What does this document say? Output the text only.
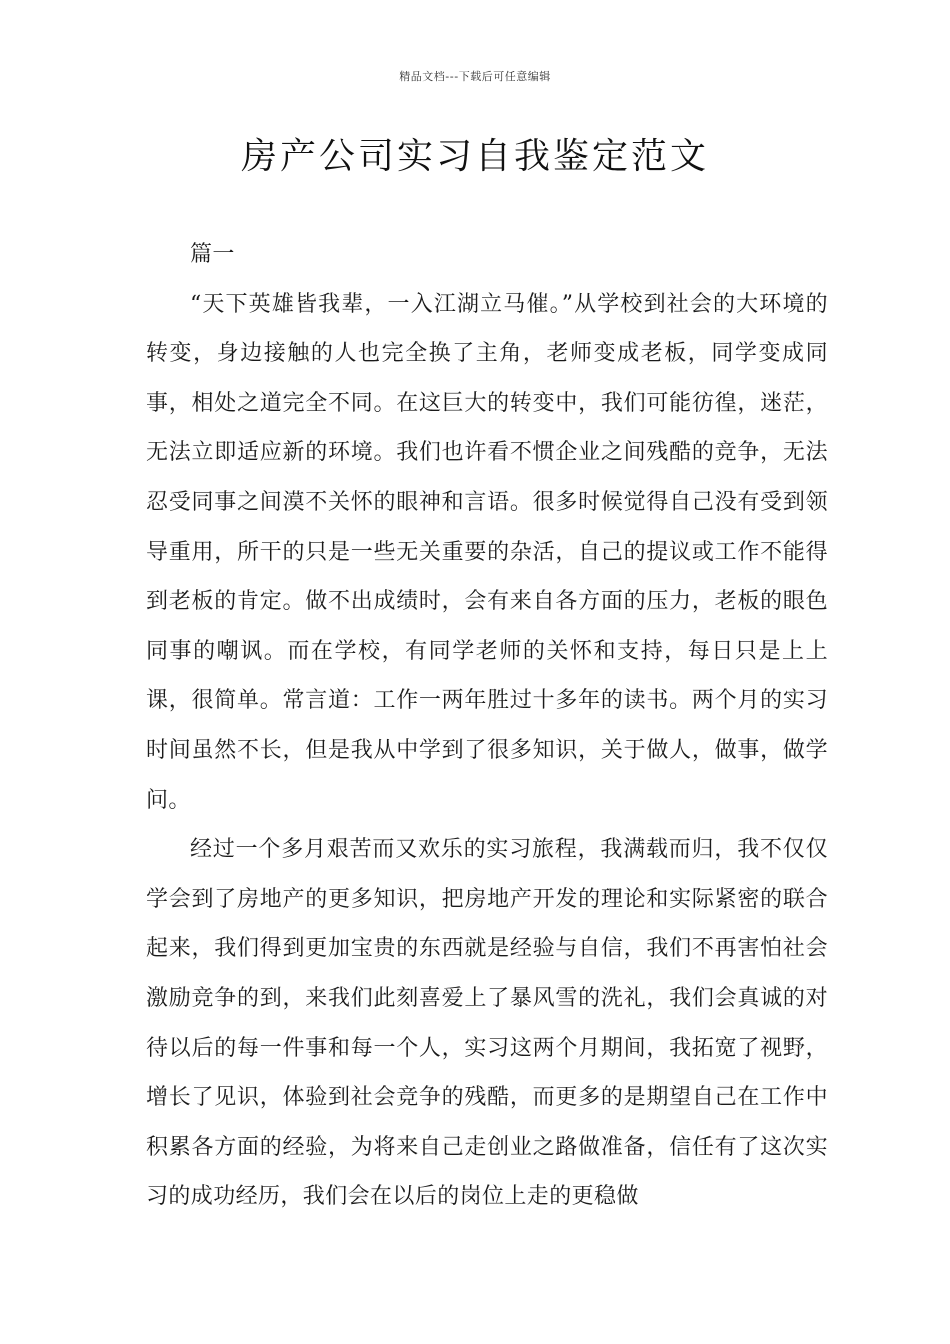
精品文档---下载后可任意编辑
房产公司实习自我鉴定范文

篇一

“天下英雄皆我辈，一入江湖立马催。”从学校到社会的大环境的转变，身边接触的人也完全换了主角，老师变成老板，同学变成同事，相处之道完全不同。在这巨大的转变中，我们可能彷徨，迷茫，无法立即适应新的环境。我们也许看不惯企业之间残酷的竞争，无法忍受同事之间漠不关怀的眼神和言语。很多时候觉得自己没有受到领导重用，所干的只是一些无关重要的杂活，自己的提议或工作不能得到老板的肯定。做不出成绩时，会有来自各方面的压力，老板的眼色同事的嘲讽。而在学校，有同学老师的关怀和支持，每日只是上上课，很简单。常言道：工作一两年胜过十多年的读书。两个月的实习时间虽然不长，但是我从中学到了很多知识，关于做人，做事，做学问。

经过一个多月艰苦而又欢乐的实习旅程，我满载而归，我不仅仅学会到了房地产的更多知识，把房地产开发的理论和实际紧密的联合起来，我们得到更加宝贵的东西就是经验与自信，我们不再害怕社会激励竞争的到，来我们此刻喜爱上了暴风雪的洗礼，我们会真诚的对待以后的每一件事和每一个人，实习这两个月期间，我拓宽了视野，增长了见识，体验到社会竞争的残酷，而更多的是期望自己在工作中积累各方面的经验，为将来自己走创业之路做准备，信任有了这次实习的成功经历，我们会在以后的岗位上走的更稳做
